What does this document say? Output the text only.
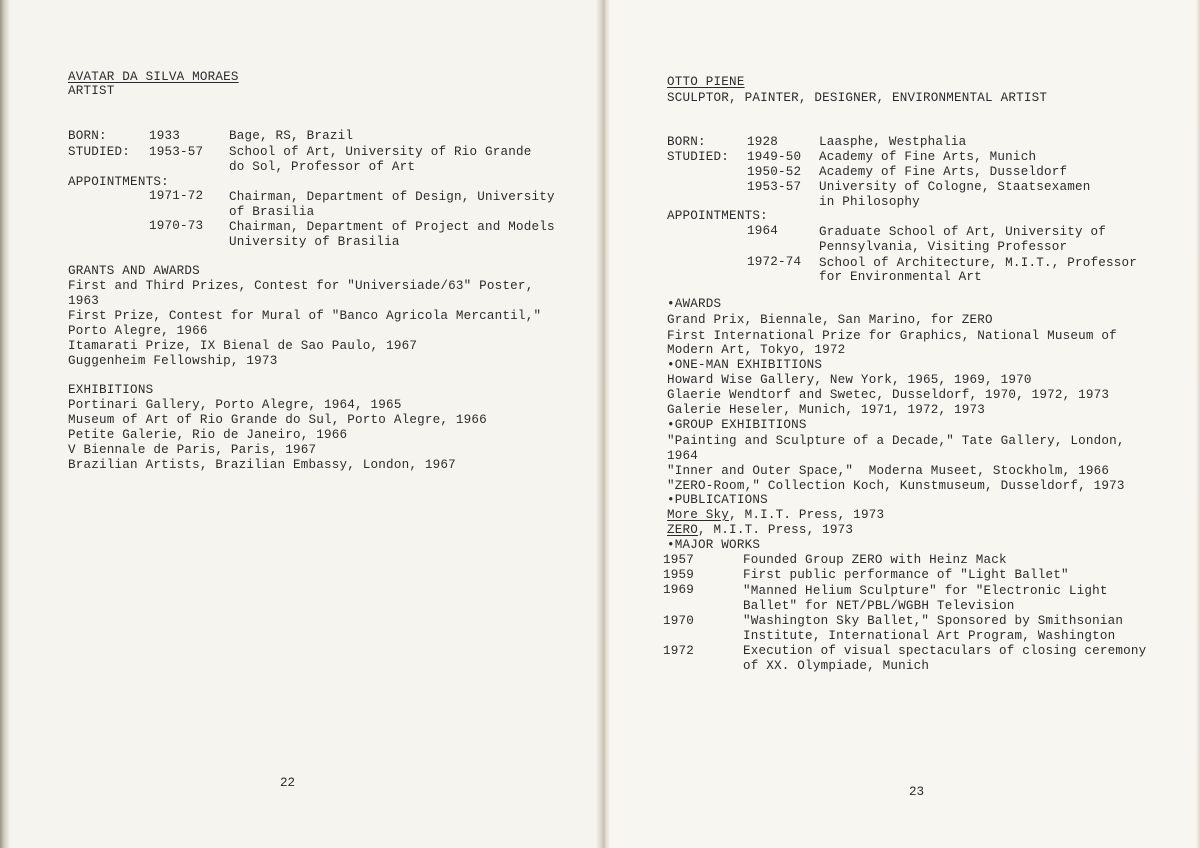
AVATAR DA SILVA MORAES
ARTIST
BORN:	1933	Bage, RS, Brazil
STUDIED: 1953-57 School of Art, University of Rio Grande
do Sol, Professor of Art
APPOINTMENTS:
1971-72 Chairman, Department of Design, University
of Brasilia
1970-73 Chairman, Department of Project and Models
University of Brasilia
GRANTS AND AWARDS
First and Third Prizes, Contest for "Universiade/63" Poster,
1963
First Prize, Contest for Mural of "Banco Agricola Mercantil,"
Porto Alegre, 1966
Itamarati Prize, IX Bienal de Sao Paulo, 1967
Guggenheim Fellowship, 1973
EXHIBITIONS
Portinari Gallery, Porto Alegre, 1964, 1965
Museum of Art of Rio Grande do Sul, Porto Alegre, 1966
Petite Galerie, Rio de Janeiro, 1966
V Biennale de Paris, Paris, 1967
Brazilian Artists, Brazilian Embassy, London, 1967
22
OTTO PIENE
SCULPTOR, PAINTER, DESIGNER, ENVIRONMENTAL ARTIST
BORN:	1928	Laasphe, Westphalia
STUDIED: 1949-50 Academy of Fine Arts, Munich
1950-52 Academy of Fine Arts, Dusseldorf
1953-57 University of Cologne, Staatsexamen
in Philosophy
APPOINTMENTS:
1964	Graduate School of Art, University of
Pennsylvania, Visiting Professor
1972-74 School of Architecture, M.I.T., Professor
for Environmental Art
•AWARDS
Grand Prix, Biennale, San Marino, for ZERO
First International Prize for Graphics, National Museum of
Modern Art, Tokyo, 1972
•ONE-MAN EXHIBITIONS
Howard Wise Gallery, New York, 1965, 1969, 1970
Glaerie Wendtorf and Swetec, Dusseldorf, 1970, 1972, 1973
Galerie Heseler, Munich, 1971, 1972, 1973
•GROUP EXHIBITIONS
"Painting and Sculpture of a Decade," Tate Gallery, London,
1964
"Inner and Outer Space,"  Moderna Museet, Stockholm, 1966
"ZERO-Room," Collection Koch, Kunstmuseum, Dusseldorf, 1973
•PUBLICATIONS
More Sky, M.I.T. Press, 1973
ZERO, M.I.T. Press, 1973
•MAJOR WORKS
1957	Founded Group ZERO with Heinz Mack
1959	First public performance of "Light Ballet"
1969	"Manned Helium Sculpture" for "Electronic Light
Ballet" for NET/PBL/WGBH Television
1970	"Washington Sky Ballet," Sponsored by Smithsonian
Institute, International Art Program, Washington
1972	Execution of visual spectaculars of closing ceremony
of XX. Olympiade, Munich
23
